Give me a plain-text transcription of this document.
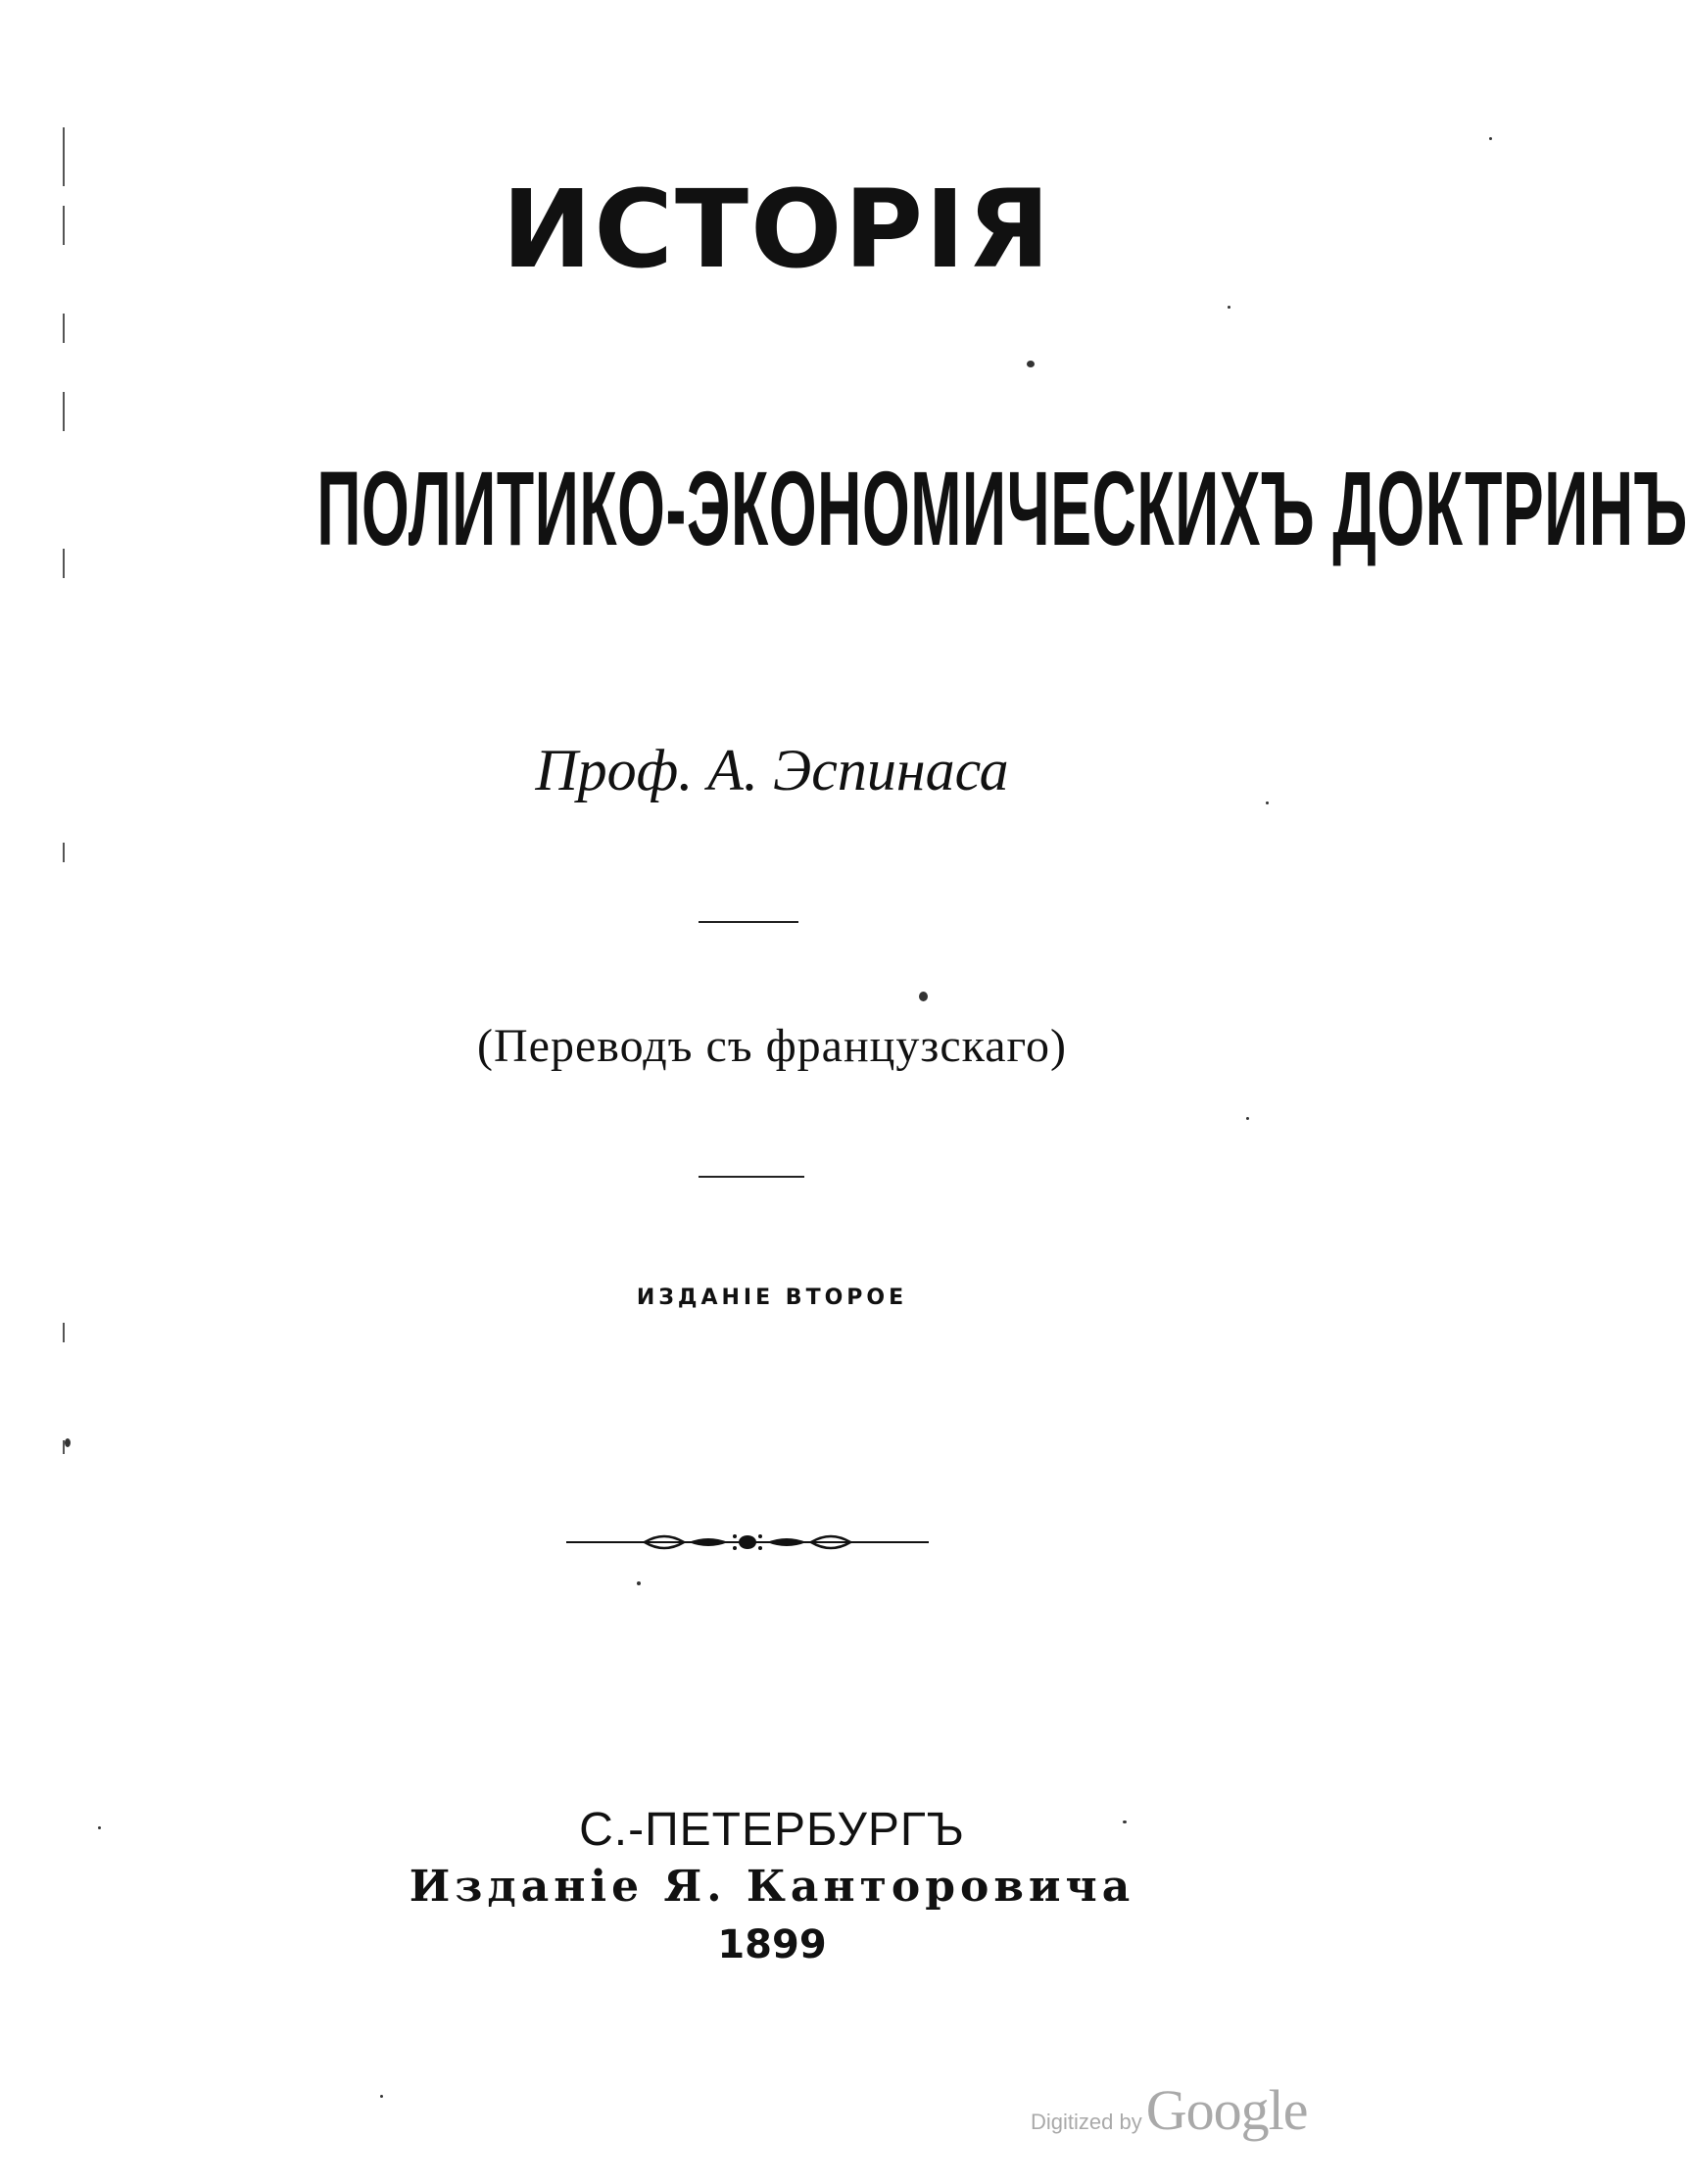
ИСТОРІЯ
ПОЛИТИКО-ЭКОНОМИЧЕСКИХЪ ДОКТРИНЪ
Проф. А. Эспинаса
(Переводъ съ французскаго)
ИЗДАНІЕ ВТОРОЕ
С.-ПЕТЕРБУРГЪ
Изданіе Я. Канторовича
1899
Digitized by Google
